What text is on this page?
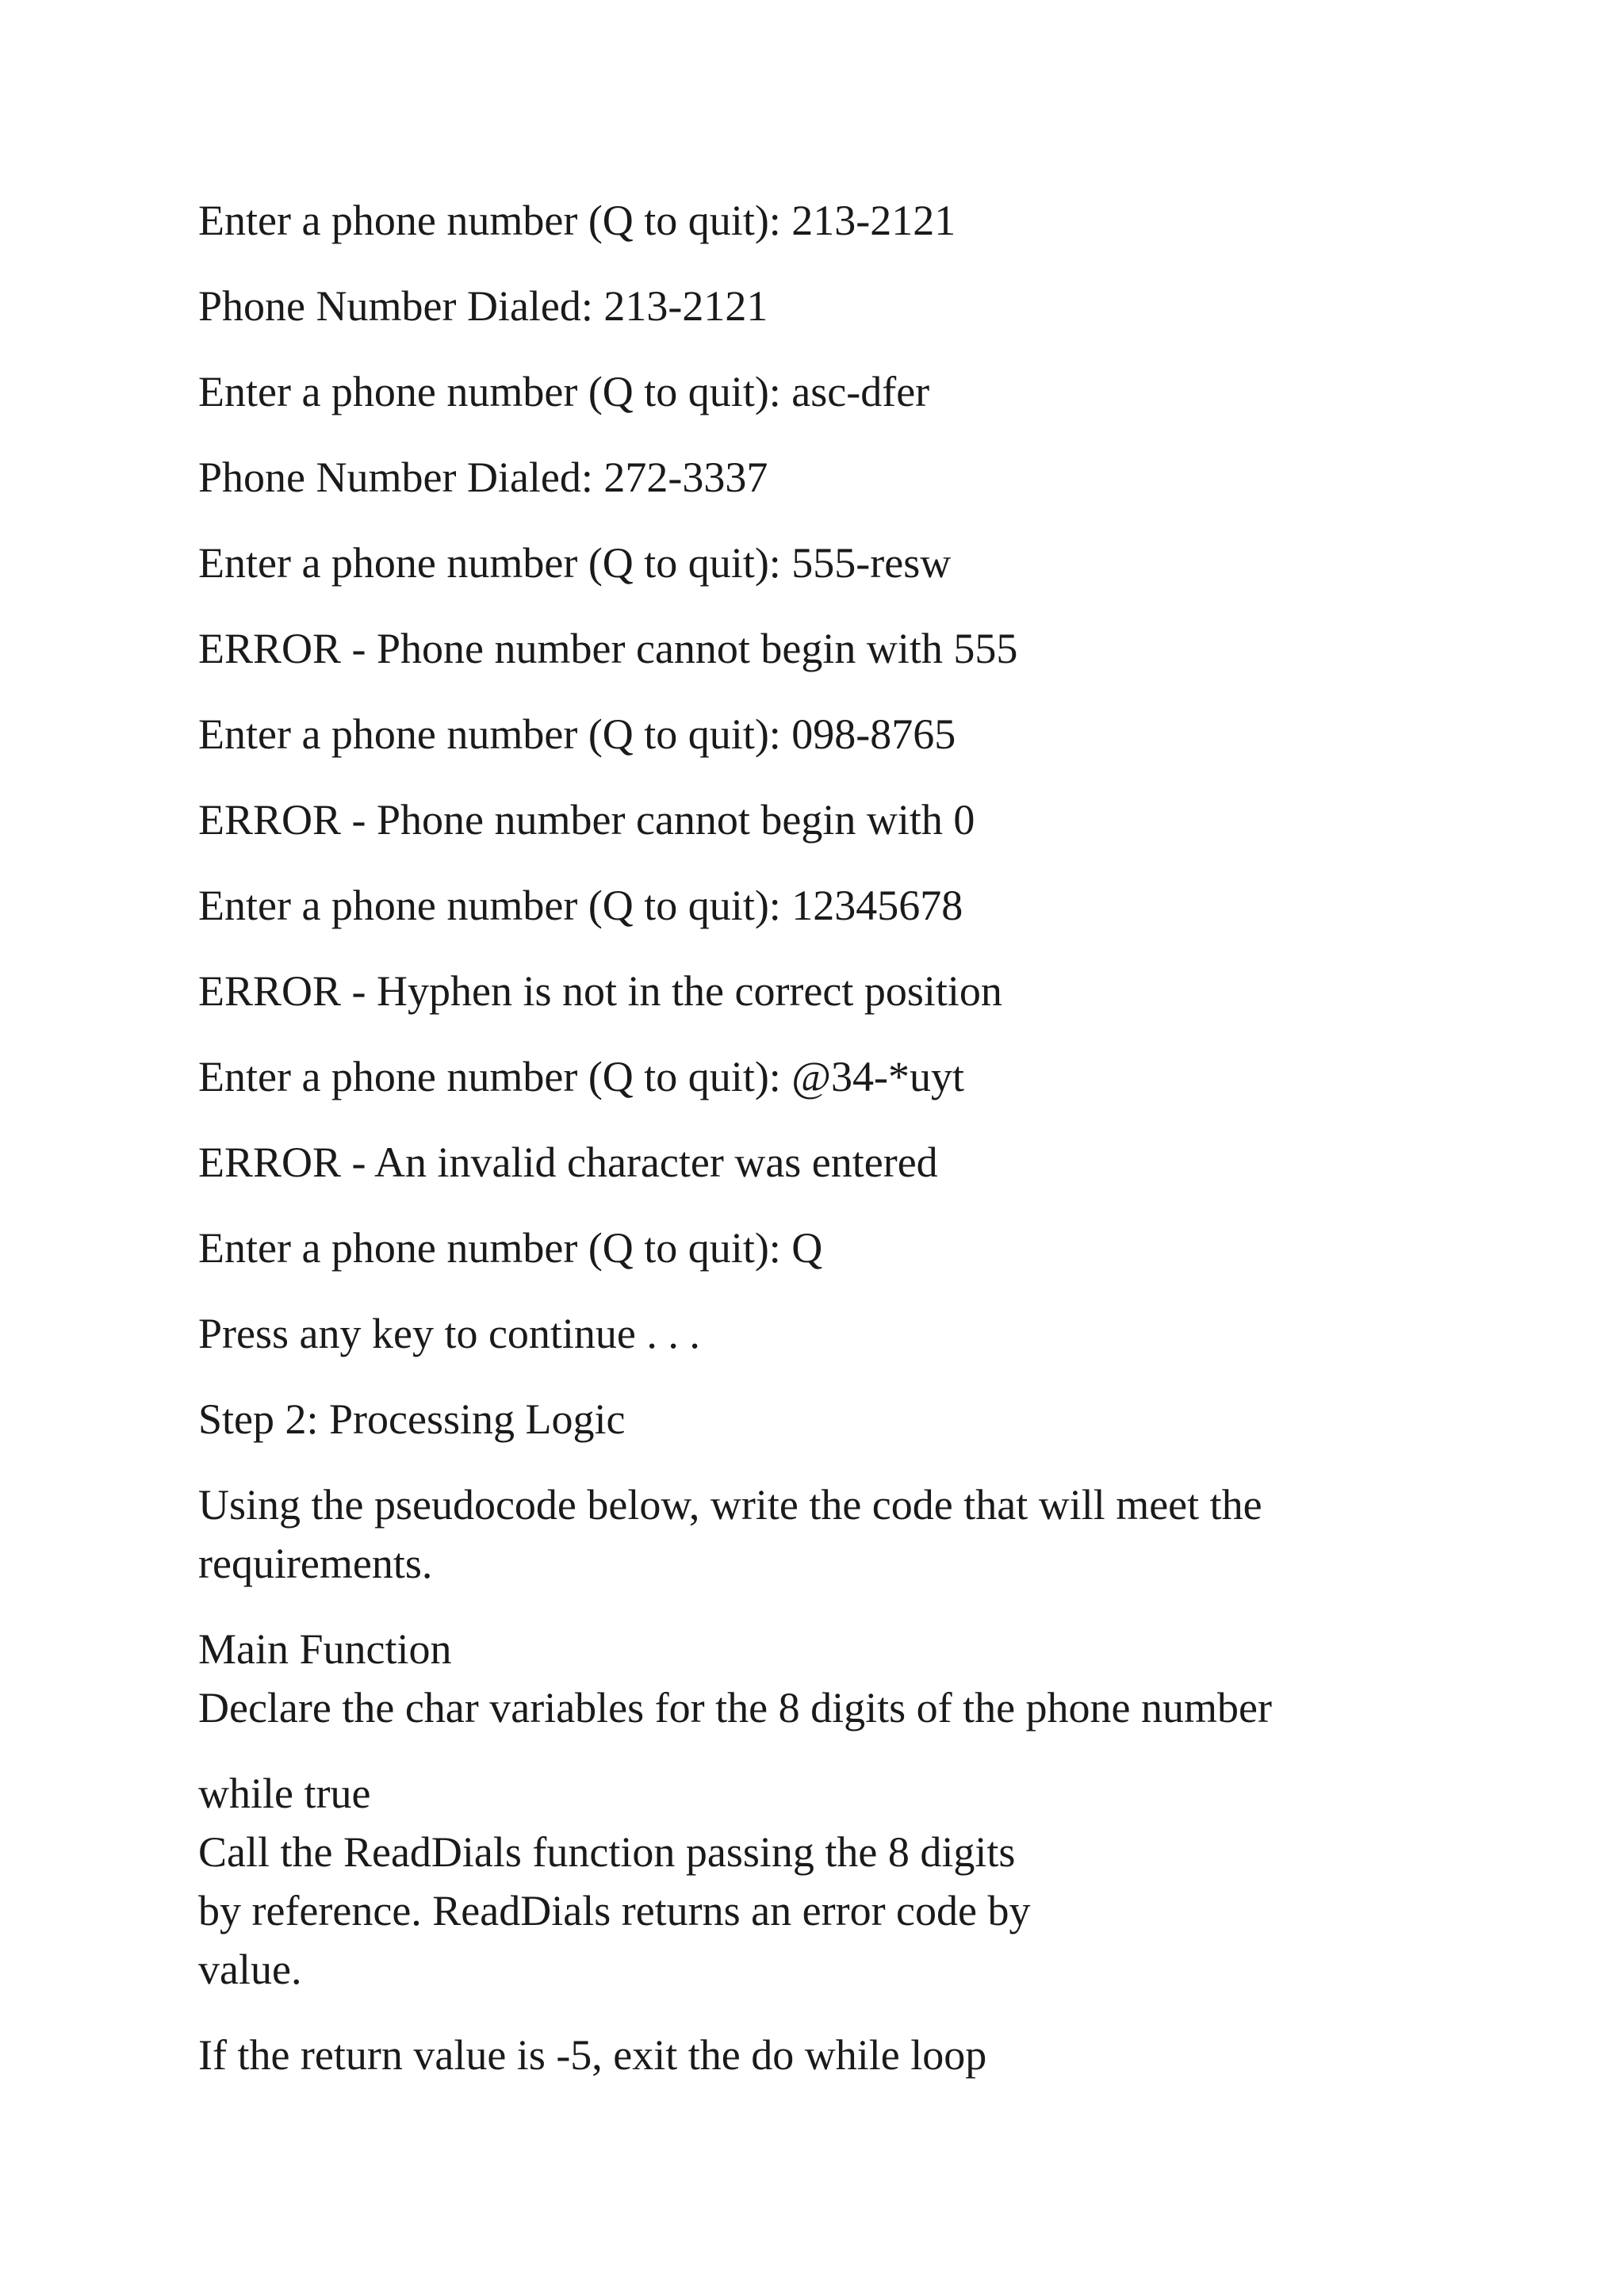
Enter a phone number (Q to quit): 213-2121

Phone Number Dialed: 213-2121

Enter a phone number (Q to quit): asc-dfer

Phone Number Dialed: 272-3337

Enter a phone number (Q to quit): 555-resw

ERROR - Phone number cannot begin with 555

Enter a phone number (Q to quit): 098-8765

ERROR - Phone number cannot begin with 0

Enter a phone number (Q to quit): 12345678

ERROR - Hyphen is not in the correct position

Enter a phone number (Q to quit): @34-*uyt

ERROR - An invalid character was entered

Enter a phone number (Q to quit): Q

Press any key to continue . . .

Step 2: Processing Logic

Using the pseudocode below, write the code that will meet the

requirements.

Main Function

Declare the char variables for the 8 digits of the phone number

while true

Call the ReadDials function passing the 8 digits

by reference. ReadDials returns an error code by

value.

If the return value is -5, exit the do while loop
